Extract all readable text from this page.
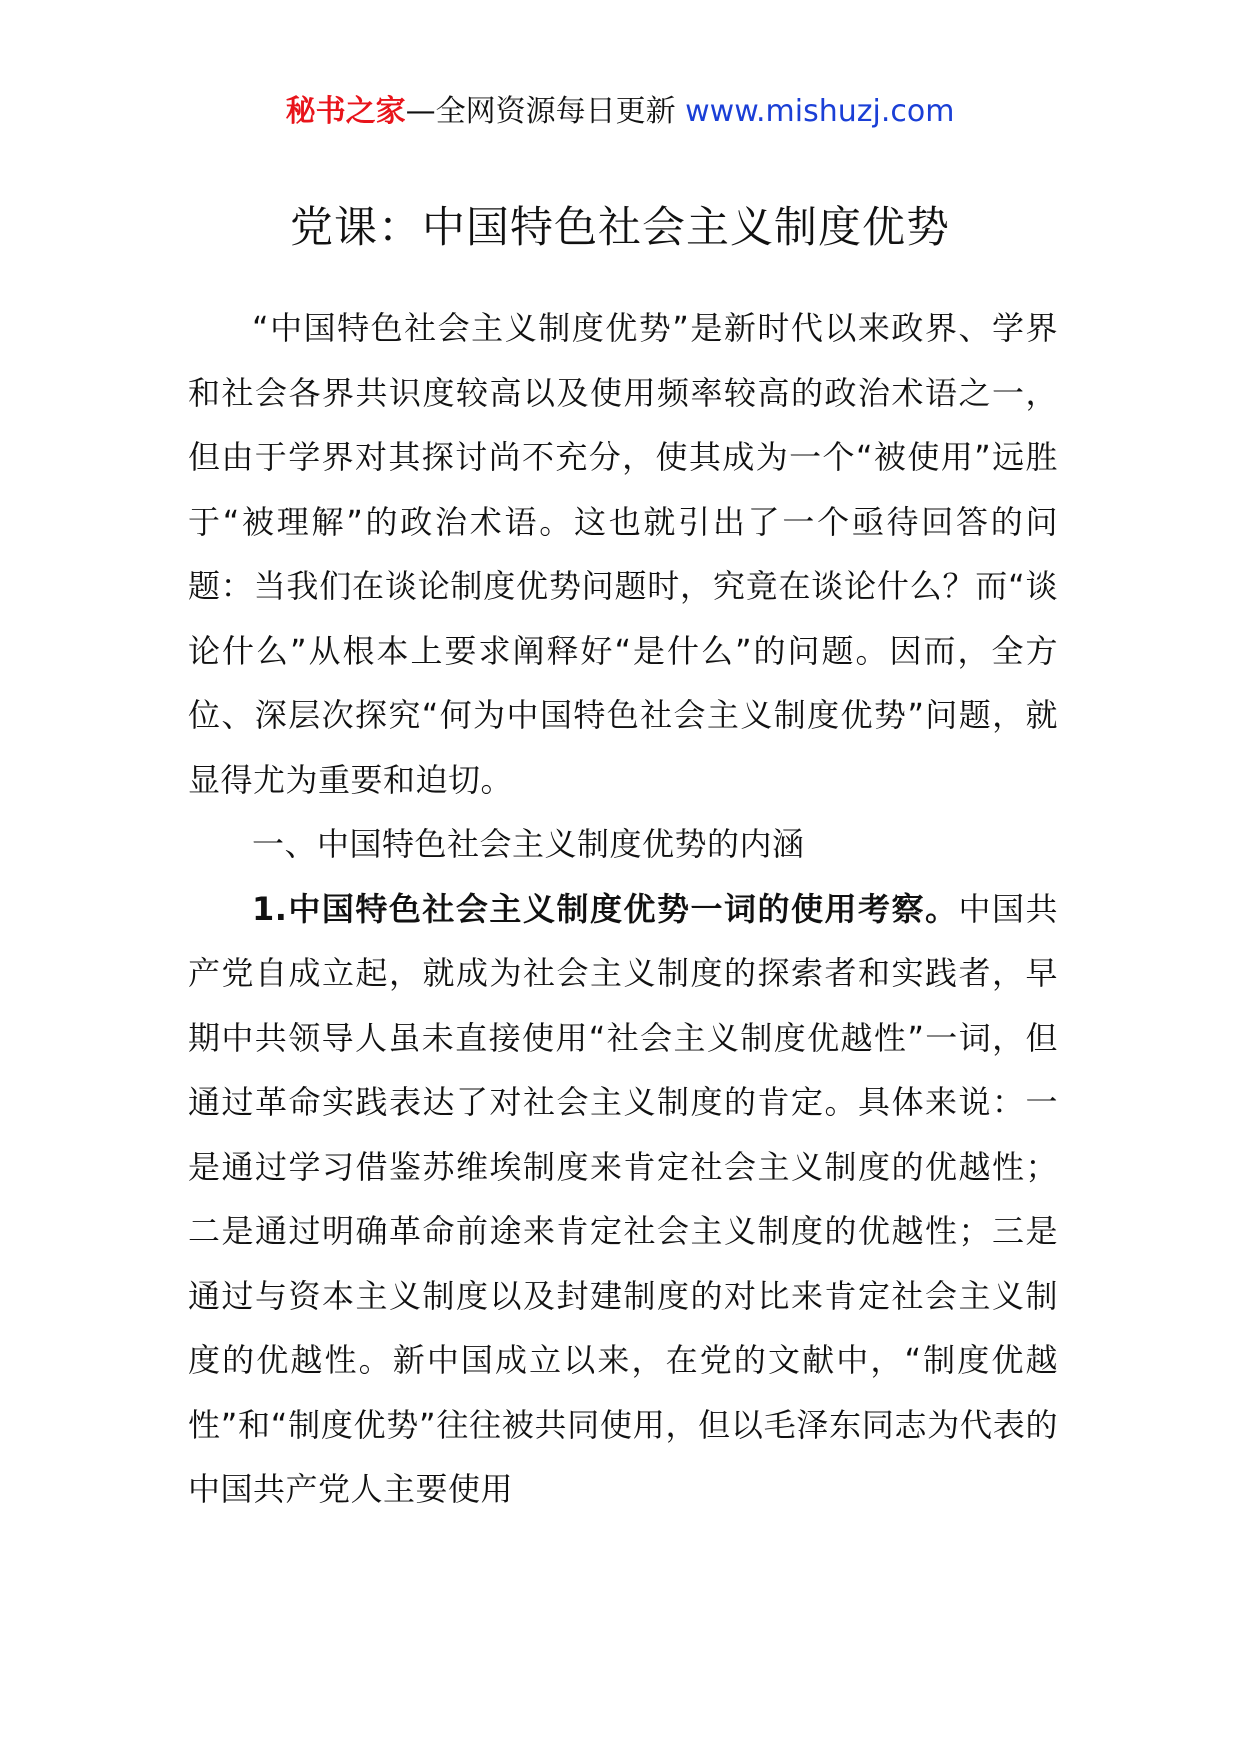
秘书之家—全网资源每日更新 www.mishuzj.com
党课：中国特色社会主义制度优势

“中国特色社会主义制度优势”是新时代以来政界、学界和社会各界共识度较高以及使用频率较高的政治术语之一，但由于学界对其探讨尚不充分，使其成为一个“被使用”远胜于“被理解”的政治术语。这也就引出了一个亟待回答的问题：当我们在谈论制度优势问题时，究竟在谈论什么？而“谈论什么”从根本上要求阐释好“是什么”的问题。因而，全方位、深层次探究“何为中国特色社会主义制度优势”问题，就显得尤为重要和迫切。

一、中国特色社会主义制度优势的内涵

1.中国特色社会主义制度优势一词的使用考察。中国共产党自成立起，就成为社会主义制度的探索者和实践者，早期中共领导人虽未直接使用“社会主义制度优越性”一词，但通过革命实践表达了对社会主义制度的肯定。具体来说：一是通过学习借鉴苏维埃制度来肯定社会主义制度的优越性；二是通过明确革命前途来肯定社会主义制度的优越性；三是通过与资本主义制度以及封建制度的对比来肯定社会主义制度的优越性。新中国成立以来，在党的文献中，“制度优越性”和“制度优势”往往被共同使用，但以毛泽东同志为代表的中国共产党人主要使用
